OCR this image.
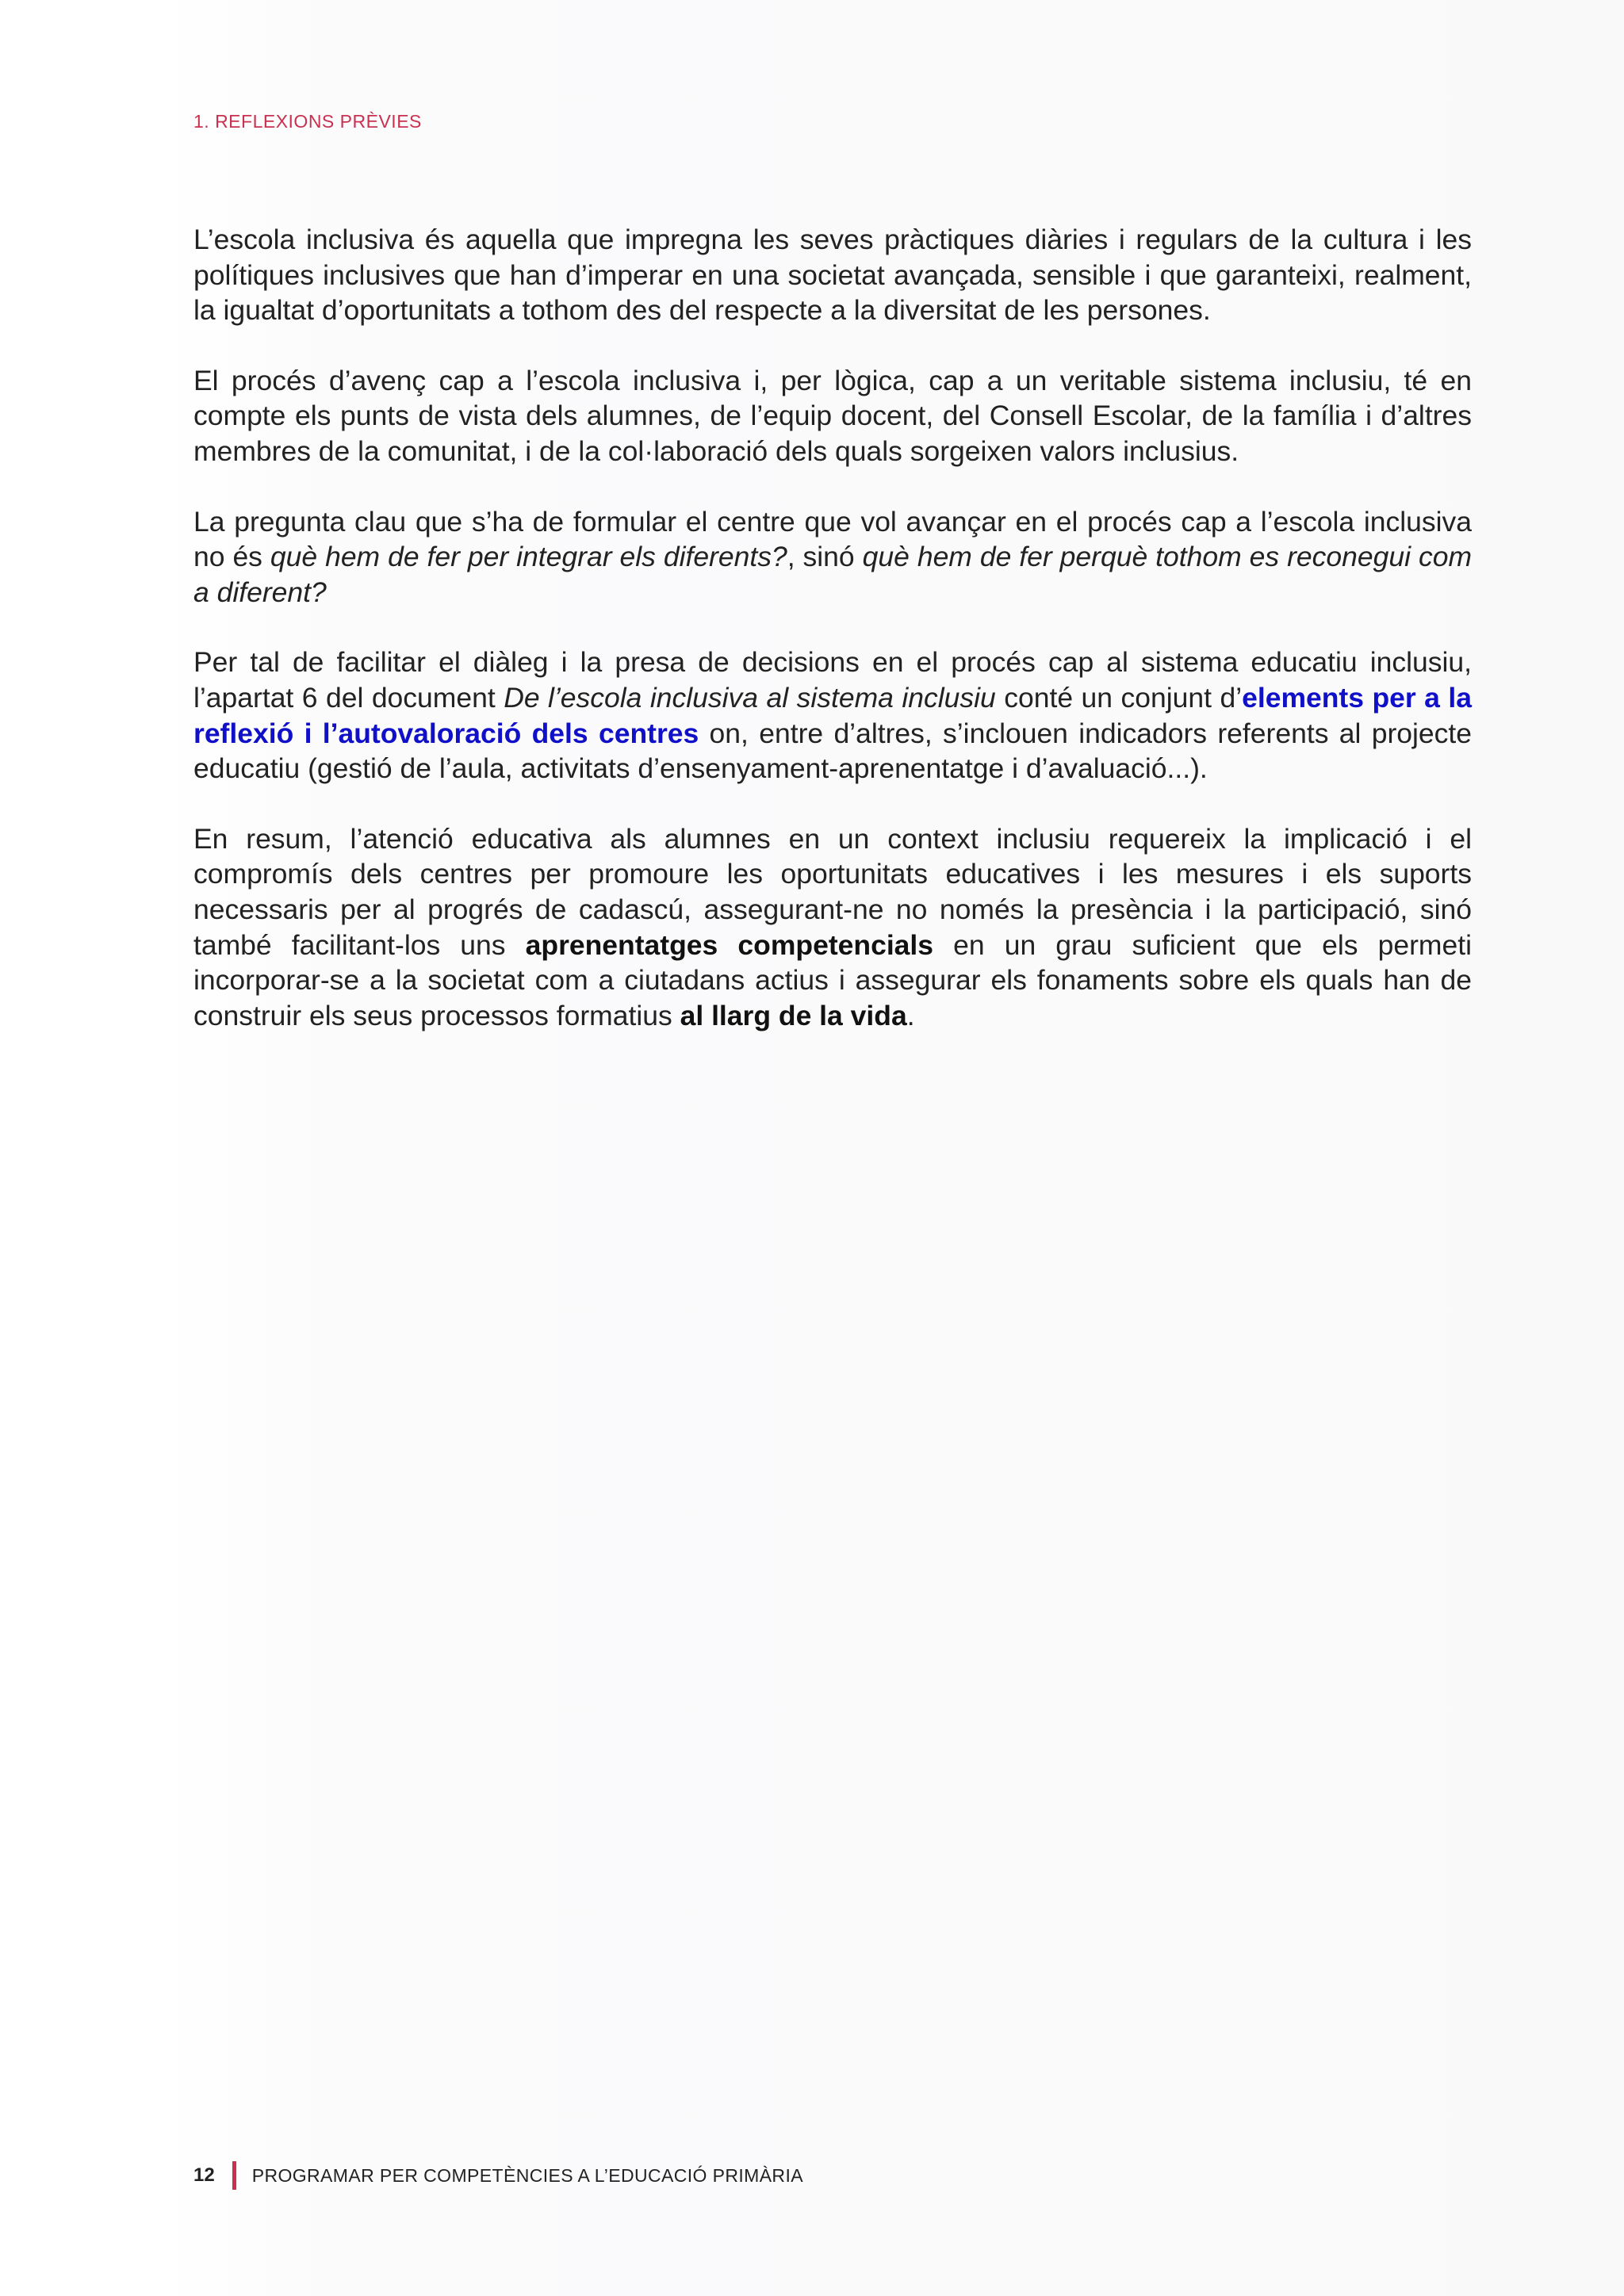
1. REFLEXIONS PRÈVIES

L’escola inclusiva és aquella que impregna les seves pràctiques diàries i regulars de la cultura i les polítiques inclusives que han d’imperar en una societat avançada, sensible i que garanteixi, realment, la igualtat d’oportunitats a tothom des del respecte a la diversitat de les persones.

El procés d’avenç cap a l’escola inclusiva i, per lògica, cap a un veritable sistema inclusiu, té en compte els punts de vista dels alumnes, de l’equip docent, del Consell Escolar, de la família i d’altres membres de la comunitat, i de la col·laboració dels quals sorgeixen valors inclusius.

La pregunta clau que s’ha de formular el centre que vol avançar en el procés cap a l’escola inclusiva no és què hem de fer per integrar els diferents?, sinó què hem de fer perquè tothom es reconegui com a diferent?

Per tal de facilitar el diàleg i la presa de decisions en el procés cap al sistema educatiu inclusiu, l’apartat 6 del document De l’escola inclusiva al sistema inclusiu conté un conjunt d’elements per a la reflexió i l’autovaloració dels centres on, entre d’altres, s’inclouen indicadors referents al projecte educatiu (gestió de l’aula, activitats d’ensenyament-aprenentatge i d’avaluació...).

En resum, l’atenció educativa als alumnes en un context inclusiu requereix la implicació i el compromís dels centres per promoure les oportunitats educatives i les mesures i els suports necessaris per al progrés de cadascú, assegurant-ne no només la presència i la participació, sinó també facilitant-los uns aprenentatges competencials en un grau suficient que els permeti incorporar-se a la societat com a ciutadans actius i assegurar els fonaments sobre els quals han de construir els seus processos formatius al llarg de la vida.

12 PROGRAMAR PER COMPETÈNCIES A L’EDUCACIÓ PRIMÀRIA
